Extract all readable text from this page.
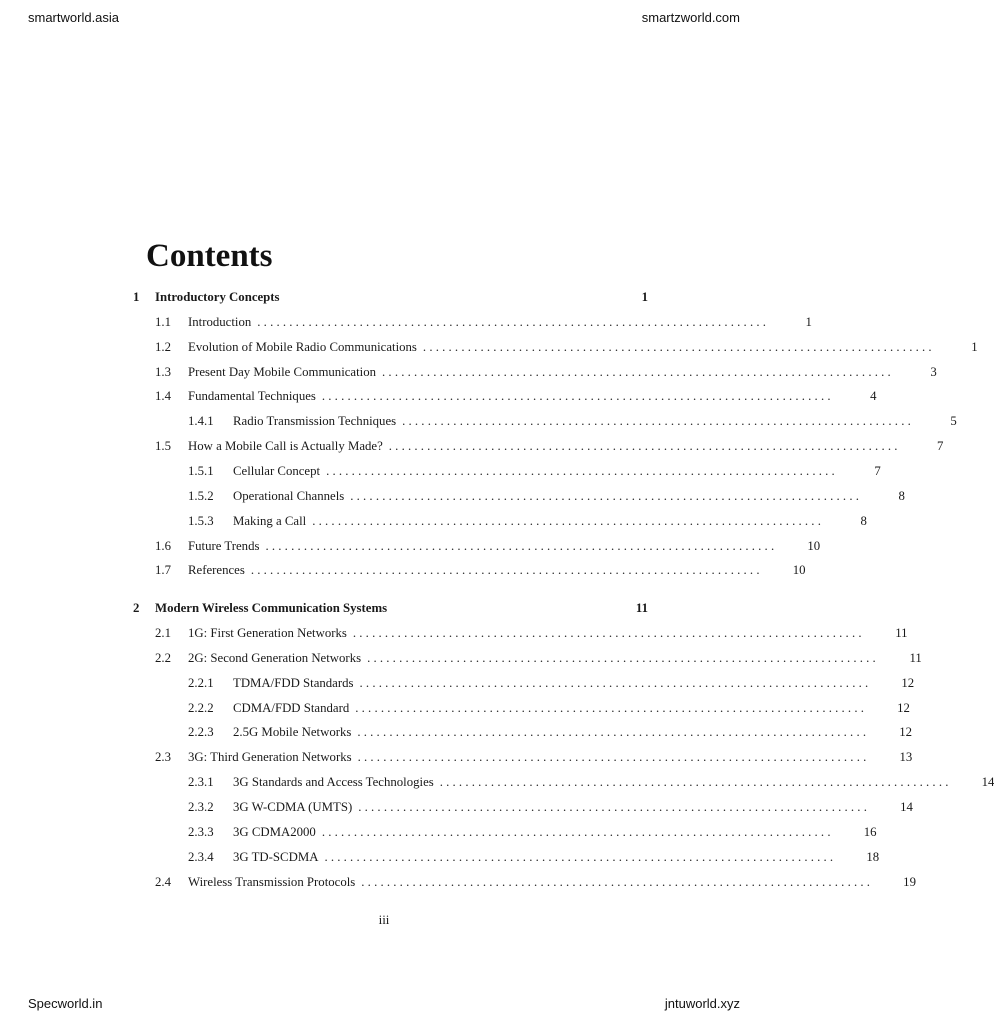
smartworld.asia	smartzworld.com
Contents
1	Introductory Concepts	1
1.1	Introduction . . . . . . . . . . . . . . . . . . . . . . . . . . . . . . . . . . . . . . . . . . . . . . . . . . . . . . . . . . . . . . . . . . . . . . . . . . . . . . . .	1
1.2	Evolution of Mobile Radio Communications . . . . . . . . . . . . . . . . . . . . . . . . . . . . . . . . . . . . . . . . . . . . . . . . . . . . . . . . . . . . . . . . . . . . . . . . . . . . . . . .	1
1.3	Present Day Mobile Communication . . . . . . . . . . . . . . . . . . . . . . . . . . . . . . . . . . . . . . . . . . . . . . . . . . . . . . . . . . . . . . . . . . . . . . . . . . . . . . . .	3
1.4	Fundamental Techniques . . . . . . . . . . . . . . . . . . . . . . . . . . . . . . . . . . . . . . . . . . . . . . . . . . . . . . . . . . . . . . . . . . . . . . . . . . . . . . . .	4
1.4.1	Radio Transmission Techniques . . . . . . . . . . . . . . . . . . . . . . . . . . . . . . . . . . . . . . . . . . . . . . . . . . . . . . . . . . . . . . . . . . . . . . . . . . . . . . . .	5
1.5	How a Mobile Call is Actually Made? . . . . . . . . . . . . . . . . . . . . . . . . . . . . . . . . . . . . . . . . . . . . . . . . . . . . . . . . . . . . . . . . . . . . . . . . . . . . . . . .	7
1.5.1	Cellular Concept . . . . . . . . . . . . . . . . . . . . . . . . . . . . . . . . . . . . . . . . . . . . . . . . . . . . . . . . . . . . . . . . . . . . . . . . . . . . . . . .	7
1.5.2	Operational Channels . . . . . . . . . . . . . . . . . . . . . . . . . . . . . . . . . . . . . . . . . . . . . . . . . . . . . . . . . . . . . . . . . . . . . . . . . . . . . . . .	8
1.5.3	Making a Call . . . . . . . . . . . . . . . . . . . . . . . . . . . . . . . . . . . . . . . . . . . . . . . . . . . . . . . . . . . . . . . . . . . . . . . . . . . . . . . .	8
1.6	Future Trends . . . . . . . . . . . . . . . . . . . . . . . . . . . . . . . . . . . . . . . . . . . . . . . . . . . . . . . . . . . . . . . . . . . . . . . . . . . . . . . .	10
1.7	References . . . . . . . . . . . . . . . . . . . . . . . . . . . . . . . . . . . . . . . . . . . . . . . . . . . . . . . . . . . . . . . . . . . . . . . . . . . . . . . .	10
2	Modern Wireless Communication Systems	11
2.1	1G: First Generation Networks . . . . . . . . . . . . . . . . . . . . . . . . . . . . . . . . . . . . . . . . . . . . . . . . . . . . . . . . . . . . . . . . . . . . . . . . . . . . . . . .	11
2.2	2G: Second Generation Networks . . . . . . . . . . . . . . . . . . . . . . . . . . . . . . . . . . . . . . . . . . . . . . . . . . . . . . . . . . . . . . . . . . . . . . . . . . . . . . . .	11
2.2.1	TDMA/FDD Standards . . . . . . . . . . . . . . . . . . . . . . . . . . . . . . . . . . . . . . . . . . . . . . . . . . . . . . . . . . . . . . . . . . . . . . . . . . . . . . . .	12
2.2.2	CDMA/FDD Standard . . . . . . . . . . . . . . . . . . . . . . . . . . . . . . . . . . . . . . . . . . . . . . . . . . . . . . . . . . . . . . . . . . . . . . . . . . . . . . . .	12
2.2.3	2.5G Mobile Networks . . . . . . . . . . . . . . . . . . . . . . . . . . . . . . . . . . . . . . . . . . . . . . . . . . . . . . . . . . . . . . . . . . . . . . . . . . . . . . . .	12
2.3	3G: Third Generation Networks . . . . . . . . . . . . . . . . . . . . . . . . . . . . . . . . . . . . . . . . . . . . . . . . . . . . . . . . . . . . . . . . . . . . . . . . . . . . . . . .	13
2.3.1	3G Standards and Access Technologies . . . . . . . . . . . . . . . . . . . . . . . . . . . . . . . . . . . . . . . . . . . . . . . . . . . . . . . . . . . . . . . . . . . . . . . . . . . . . . . .	14
2.3.2	3G W-CDMA (UMTS) . . . . . . . . . . . . . . . . . . . . . . . . . . . . . . . . . . . . . . . . . . . . . . . . . . . . . . . . . . . . . . . . . . . . . . . . . . . . . . . .	14
2.3.3	3G CDMA2000 . . . . . . . . . . . . . . . . . . . . . . . . . . . . . . . . . . . . . . . . . . . . . . . . . . . . . . . . . . . . . . . . . . . . . . . . . . . . . . . .	16
2.3.4	3G TD-SCDMA . . . . . . . . . . . . . . . . . . . . . . . . . . . . . . . . . . . . . . . . . . . . . . . . . . . . . . . . . . . . . . . . . . . . . . . . . . . . . . . .	18
2.4	Wireless Transmission Protocols . . . . . . . . . . . . . . . . . . . . . . . . . . . . . . . . . . . . . . . . . . . . . . . . . . . . . . . . . . . . . . . . . . . . . . . . . . . . . . . .	19
iii
Specworld.in	jntuworld.xyz
